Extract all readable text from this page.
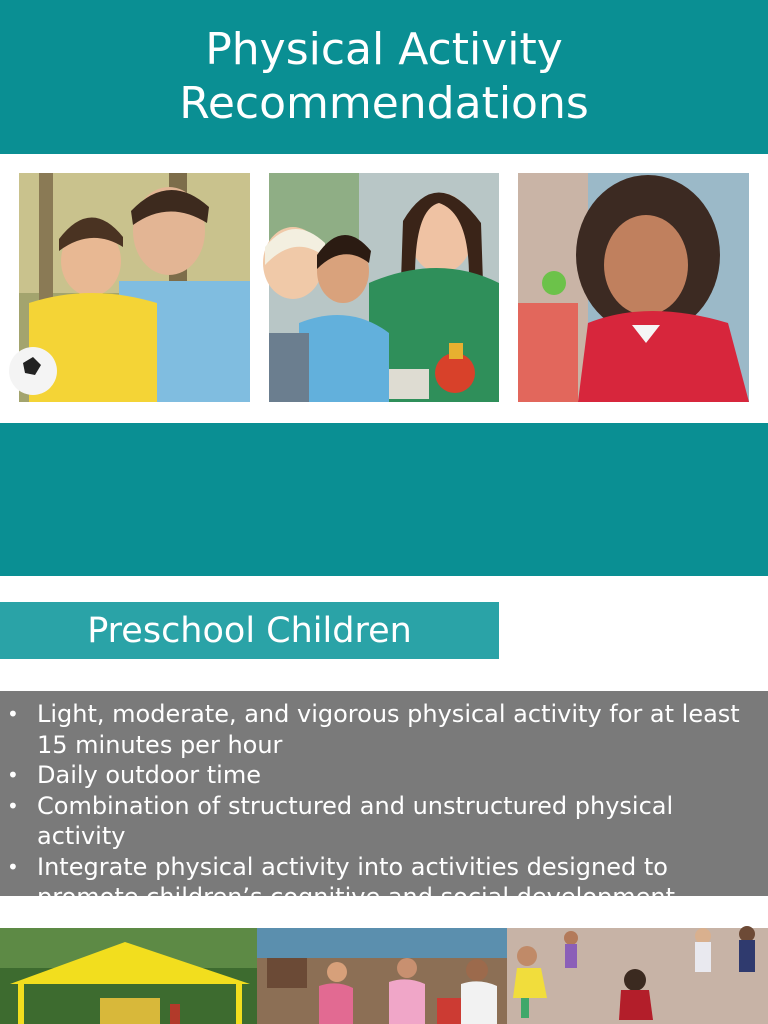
Physical Activity
Recommendations
Preschool Children
• Light, moderate, and vigorous physical activity for at least 15 minutes per hour
• Daily outdoor time
• Combination of structured and unstructured physical activity
• Integrate physical activity into activities designed to promote children’s cognitive and social development
